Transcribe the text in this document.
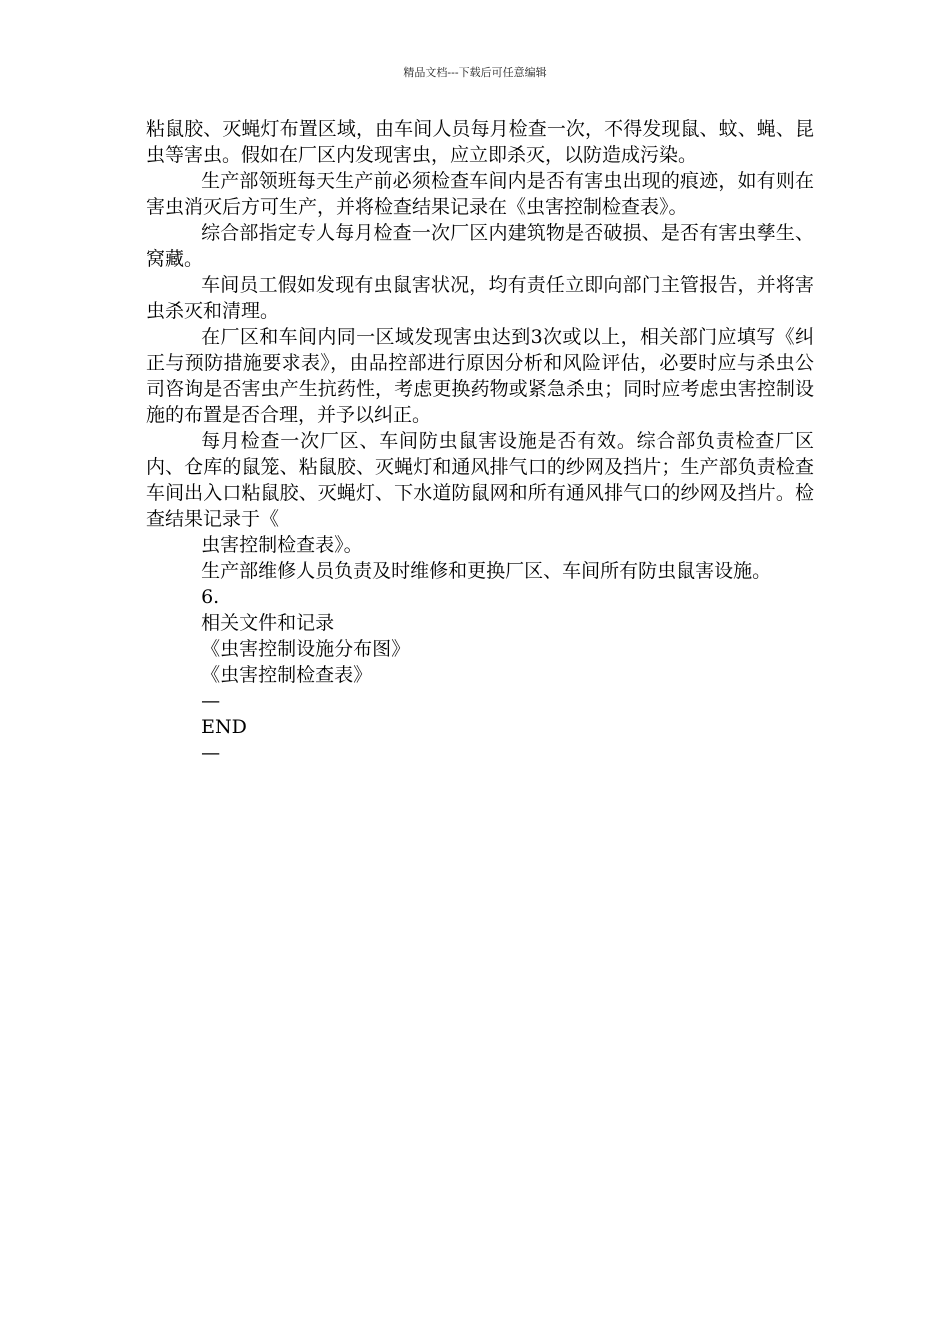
精品文档---下载后可任意编辑

粘鼠胶、灭蝇灯布置区域，由车间人员每月检查一次，不得发现鼠、蚊、蝇、昆虫等害虫。假如在厂区内发现害虫，应立即杀灭，以防造成污染。

生产部领班每天生产前必须检查车间内是否有害虫出现的痕迹，如有则在害虫消灭后方可生产，并将检查结果记录在《虫害控制检查表》。

综合部指定专人每月检查一次厂区内建筑物是否破损、是否有害虫孳生、窝藏。

车间员工假如发现有虫鼠害状况，均有责任立即向部门主管报告，并将害虫杀灭和清理。

在厂区和车间内同一区域发现害虫达到3次或以上，相关部门应填写《纠正与预防措施要求表》，由品控部进行原因分析和风险评估，必要时应与杀虫公司咨询是否害虫产生抗药性，考虑更换药物或紧急杀虫；同时应考虑虫害控制设施的布置是否合理，并予以纠正。

每月检查一次厂区、车间防虫鼠害设施是否有效。综合部负责检查厂区内、仓库的鼠笼、粘鼠胶、灭蝇灯和通风排气口的纱网及挡片；生产部负责检查车间出入口粘鼠胶、灭蝇灯、下水道防鼠网和所有通风排气口的纱网及挡片。检查结果记录于《

虫害控制检查表》。

生产部维修人员负责及时维修和更换厂区、车间所有防虫鼠害设施。

6.

相关文件和记录

《虫害控制设施分布图》

《虫害控制检查表》

—

END

—
